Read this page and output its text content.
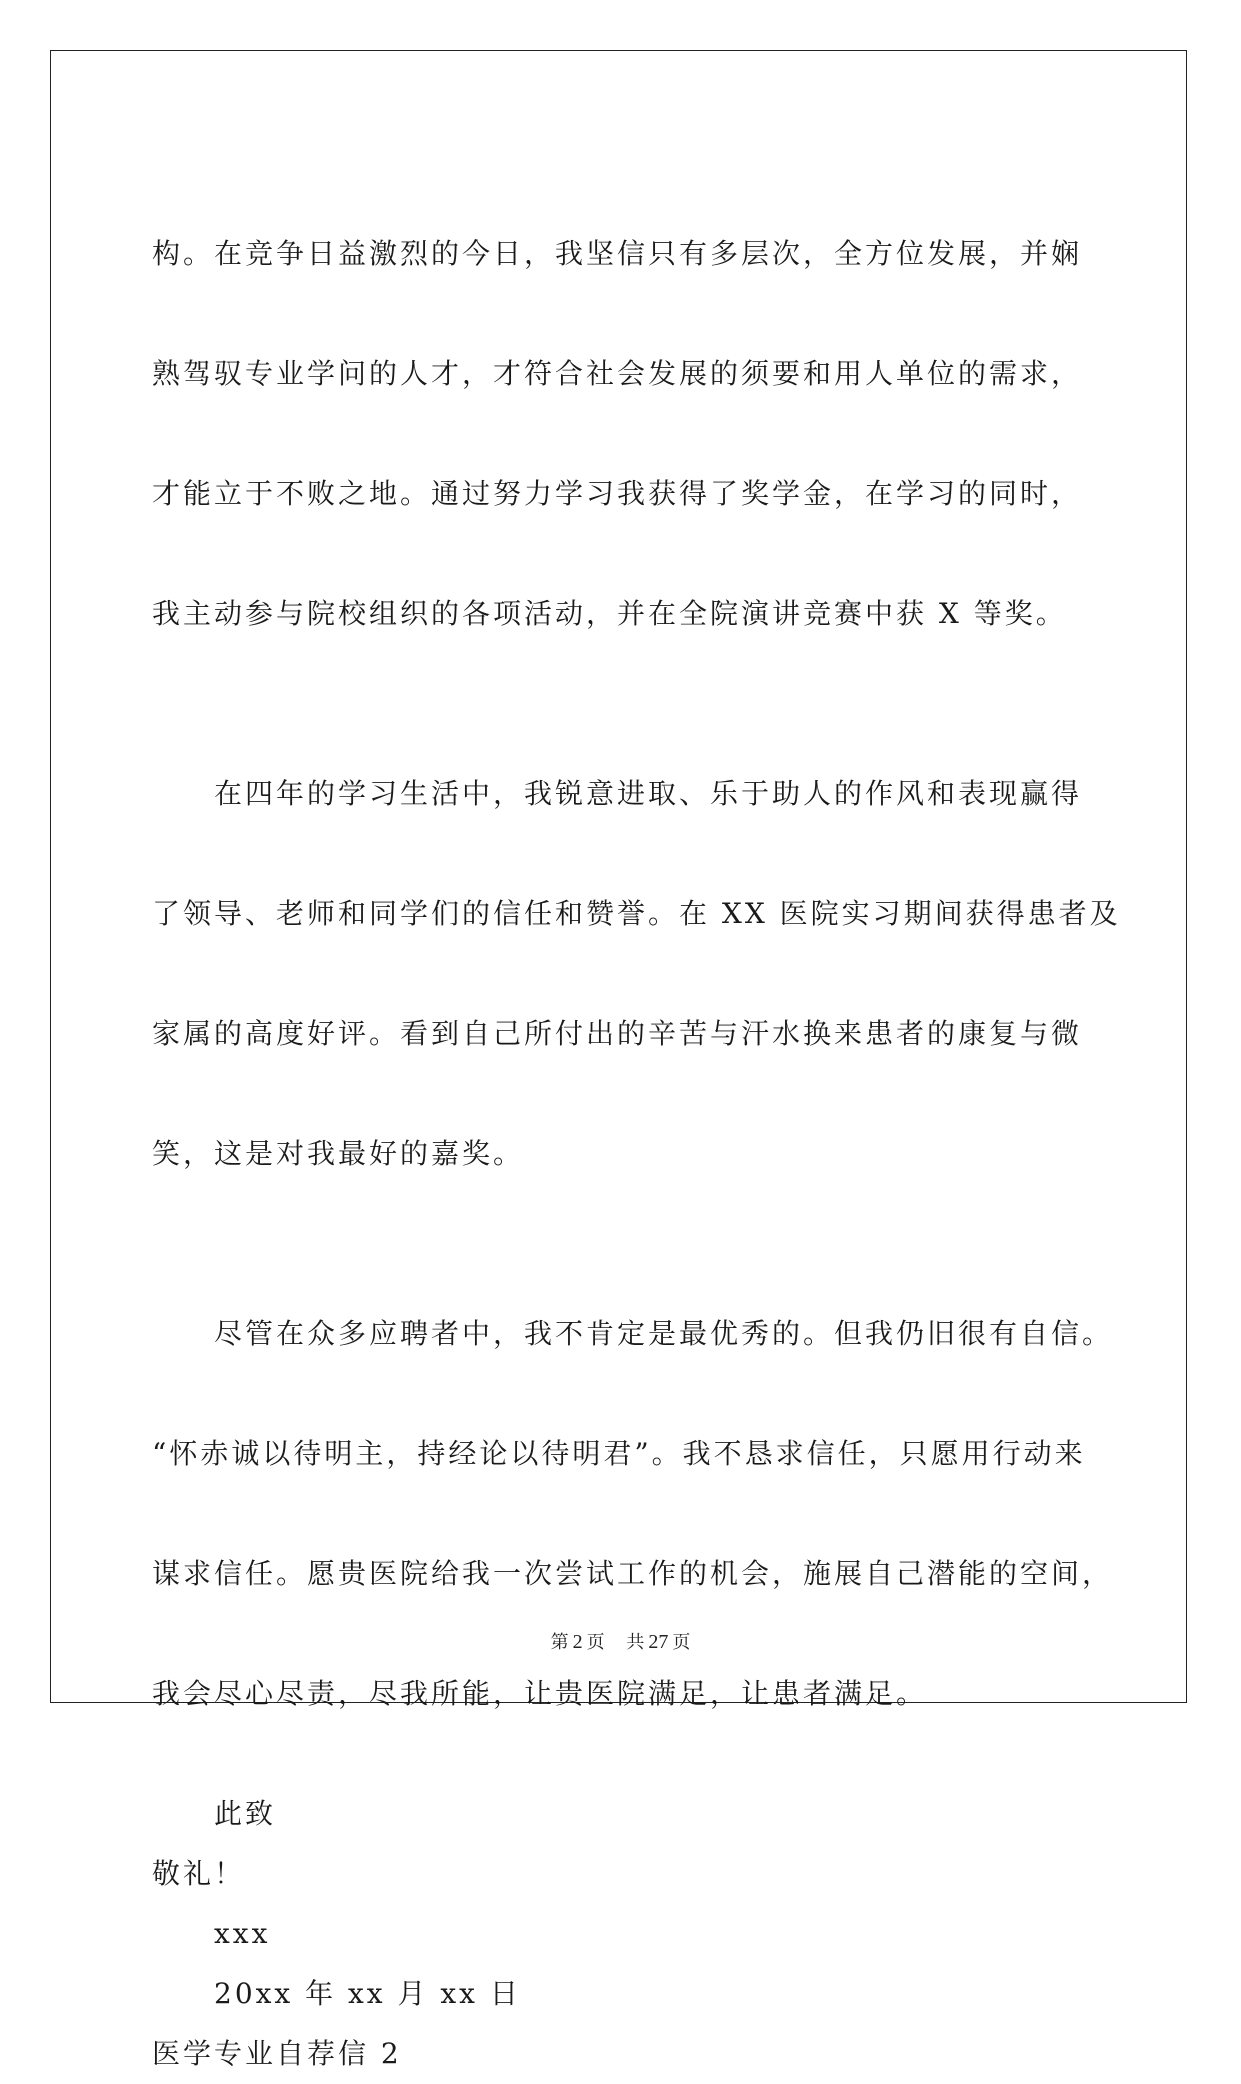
构。在竞争日益激烈的今日，我坚信只有多层次，全方位发展，并娴

熟驾驭专业学问的人才，才符合社会发展的须要和用人单位的需求，

才能立于不败之地。通过努力学习我获得了奖学金，在学习的同时，

我主动参与院校组织的各项活动，并在全院演讲竞赛中获 X 等奖。

在四年的学习生活中，我锐意进取、乐于助人的作风和表现赢得

了领导、老师和同学们的信任和赞誉。在 XX 医院实习期间获得患者及

家属的高度好评。看到自己所付出的辛苦与汗水换来患者的康复与微

笑，这是对我最好的嘉奖。

尽管在众多应聘者中，我不肯定是最优秀的。但我仍旧很有自信。

“怀赤诚以待明主，持经论以待明君”。我不恳求信任，只愿用行动来

谋求信任。愿贵医院给我一次尝试工作的机会，施展自己潜能的空间，

我会尽心尽责，尽我所能，让贵医院满足，让患者满足。

此致
敬礼！
xxx
20xx 年 xx 月 xx 日
医学专业自荐信 2
第 2 页 共 27 页
